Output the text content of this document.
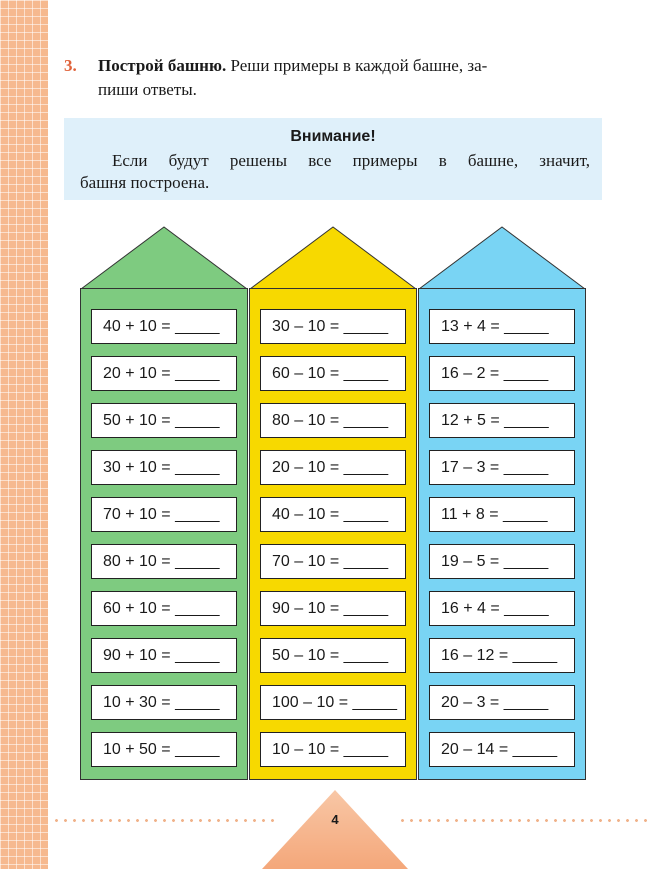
3. Построй башню. Реши примеры в каждой башне, за-
пиши ответы.
Внимание!
Если будут решены все примеры в башне, значит,
башня построена.
40 + 10 = _____
20 + 10 = _____
50 + 10 = _____
30 + 10 = _____
70 + 10 = _____
80 + 10 = _____
60 + 10 = _____
90 + 10 = _____
10 + 30 = _____
10 + 50 = _____
30 – 10 = _____
60 – 10 = _____
80 – 10 = _____
20 – 10 = _____
40 – 10 = _____
70 – 10 = _____
90 – 10 = _____
50 – 10 = _____
100 – 10 = _____
10 – 10 = _____
13 + 4 = _____
16 – 2 = _____
12 + 5 = _____
17 – 3 = _____
11 + 8 = _____
19 – 5 = _____
16 + 4 = _____
16 – 12 = _____
20 – 3 = _____
20 – 14 = _____
4
